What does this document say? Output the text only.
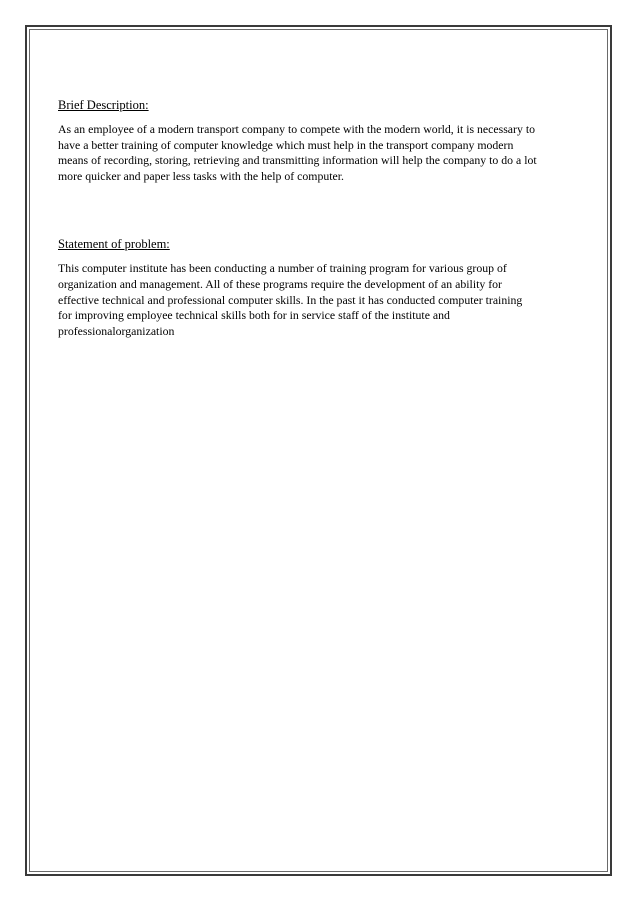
Brief Description:

As an employee of a modern transport company to compete with the modern world, it is necessary to
have a better training of computer knowledge which must help in the transport company modern
means of recording, storing, retrieving and transmitting information will help the company to do a lot
more quicker and paper less tasks with the help of computer.

Statement of problem:

This computer institute has been conducting a number of training program for various group of
organization and management. All of these programs require the development of an ability for
effective technical and professional computer skills. In the past it has conducted computer training
for improving employee technical skills both for in service staff of the institute and
professionalorganization
